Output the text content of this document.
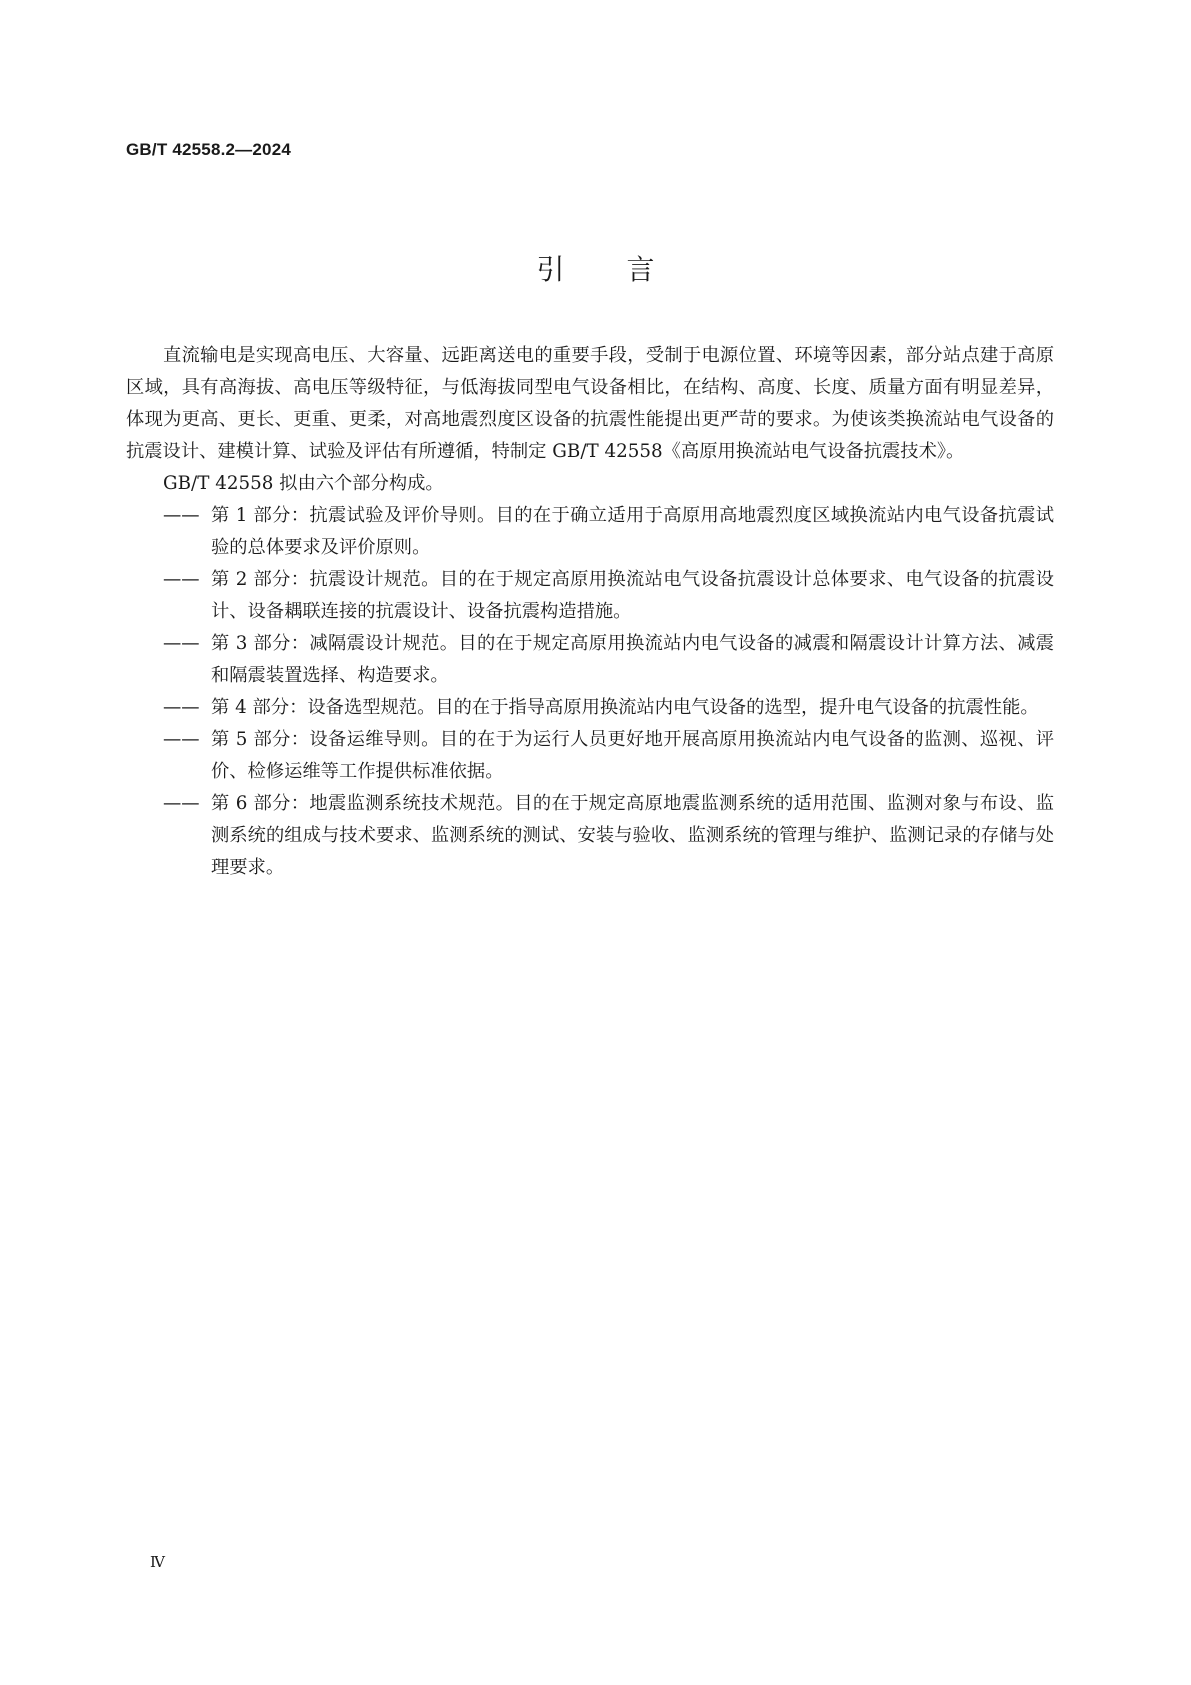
GB/T 42558.2—2024
引言

直流输电是实现高电压、大容量、远距离送电的重要手段，受制于电源位置、环境等因素，部分站点建于高原区域，具有高海拔、高电压等级特征，与低海拔同型电气设备相比，在结构、高度、长度、质量方面有明显差异，体现为更高、更长、更重、更柔，对高地震烈度区设备的抗震性能提出更严苛的要求。为使该类换流站电气设备的抗震设计、建模计算、试验及评估有所遵循，特制定 GB/T 42558《高原用换流站电气设备抗震技术》。

GB/T 42558 拟由六个部分构成。

—— 第 1 部分：抗震试验及评价导则。目的在于确立适用于高原用高地震烈度区域换流站内电气设备抗震试验的总体要求及评价原则。

—— 第 2 部分：抗震设计规范。目的在于规定高原用换流站电气设备抗震设计总体要求、电气设备的抗震设计、设备耦联连接的抗震设计、设备抗震构造措施。

—— 第 3 部分：减隔震设计规范。目的在于规定高原用换流站内电气设备的减震和隔震设计计算方法、减震和隔震装置选择、构造要求。

—— 第 4 部分：设备选型规范。目的在于指导高原用换流站内电气设备的选型，提升电气设备的抗震性能。

—— 第 5 部分：设备运维导则。目的在于为运行人员更好地开展高原用换流站内电气设备的监测、巡视、评价、检修运维等工作提供标准依据。

—— 第 6 部分：地震监测系统技术规范。目的在于规定高原地震监测系统的适用范围、监测对象与布设、监测系统的组成与技术要求、监测系统的测试、安装与验收、监测系统的管理与维护、监测记录的存储与处理要求。

Ⅳ
